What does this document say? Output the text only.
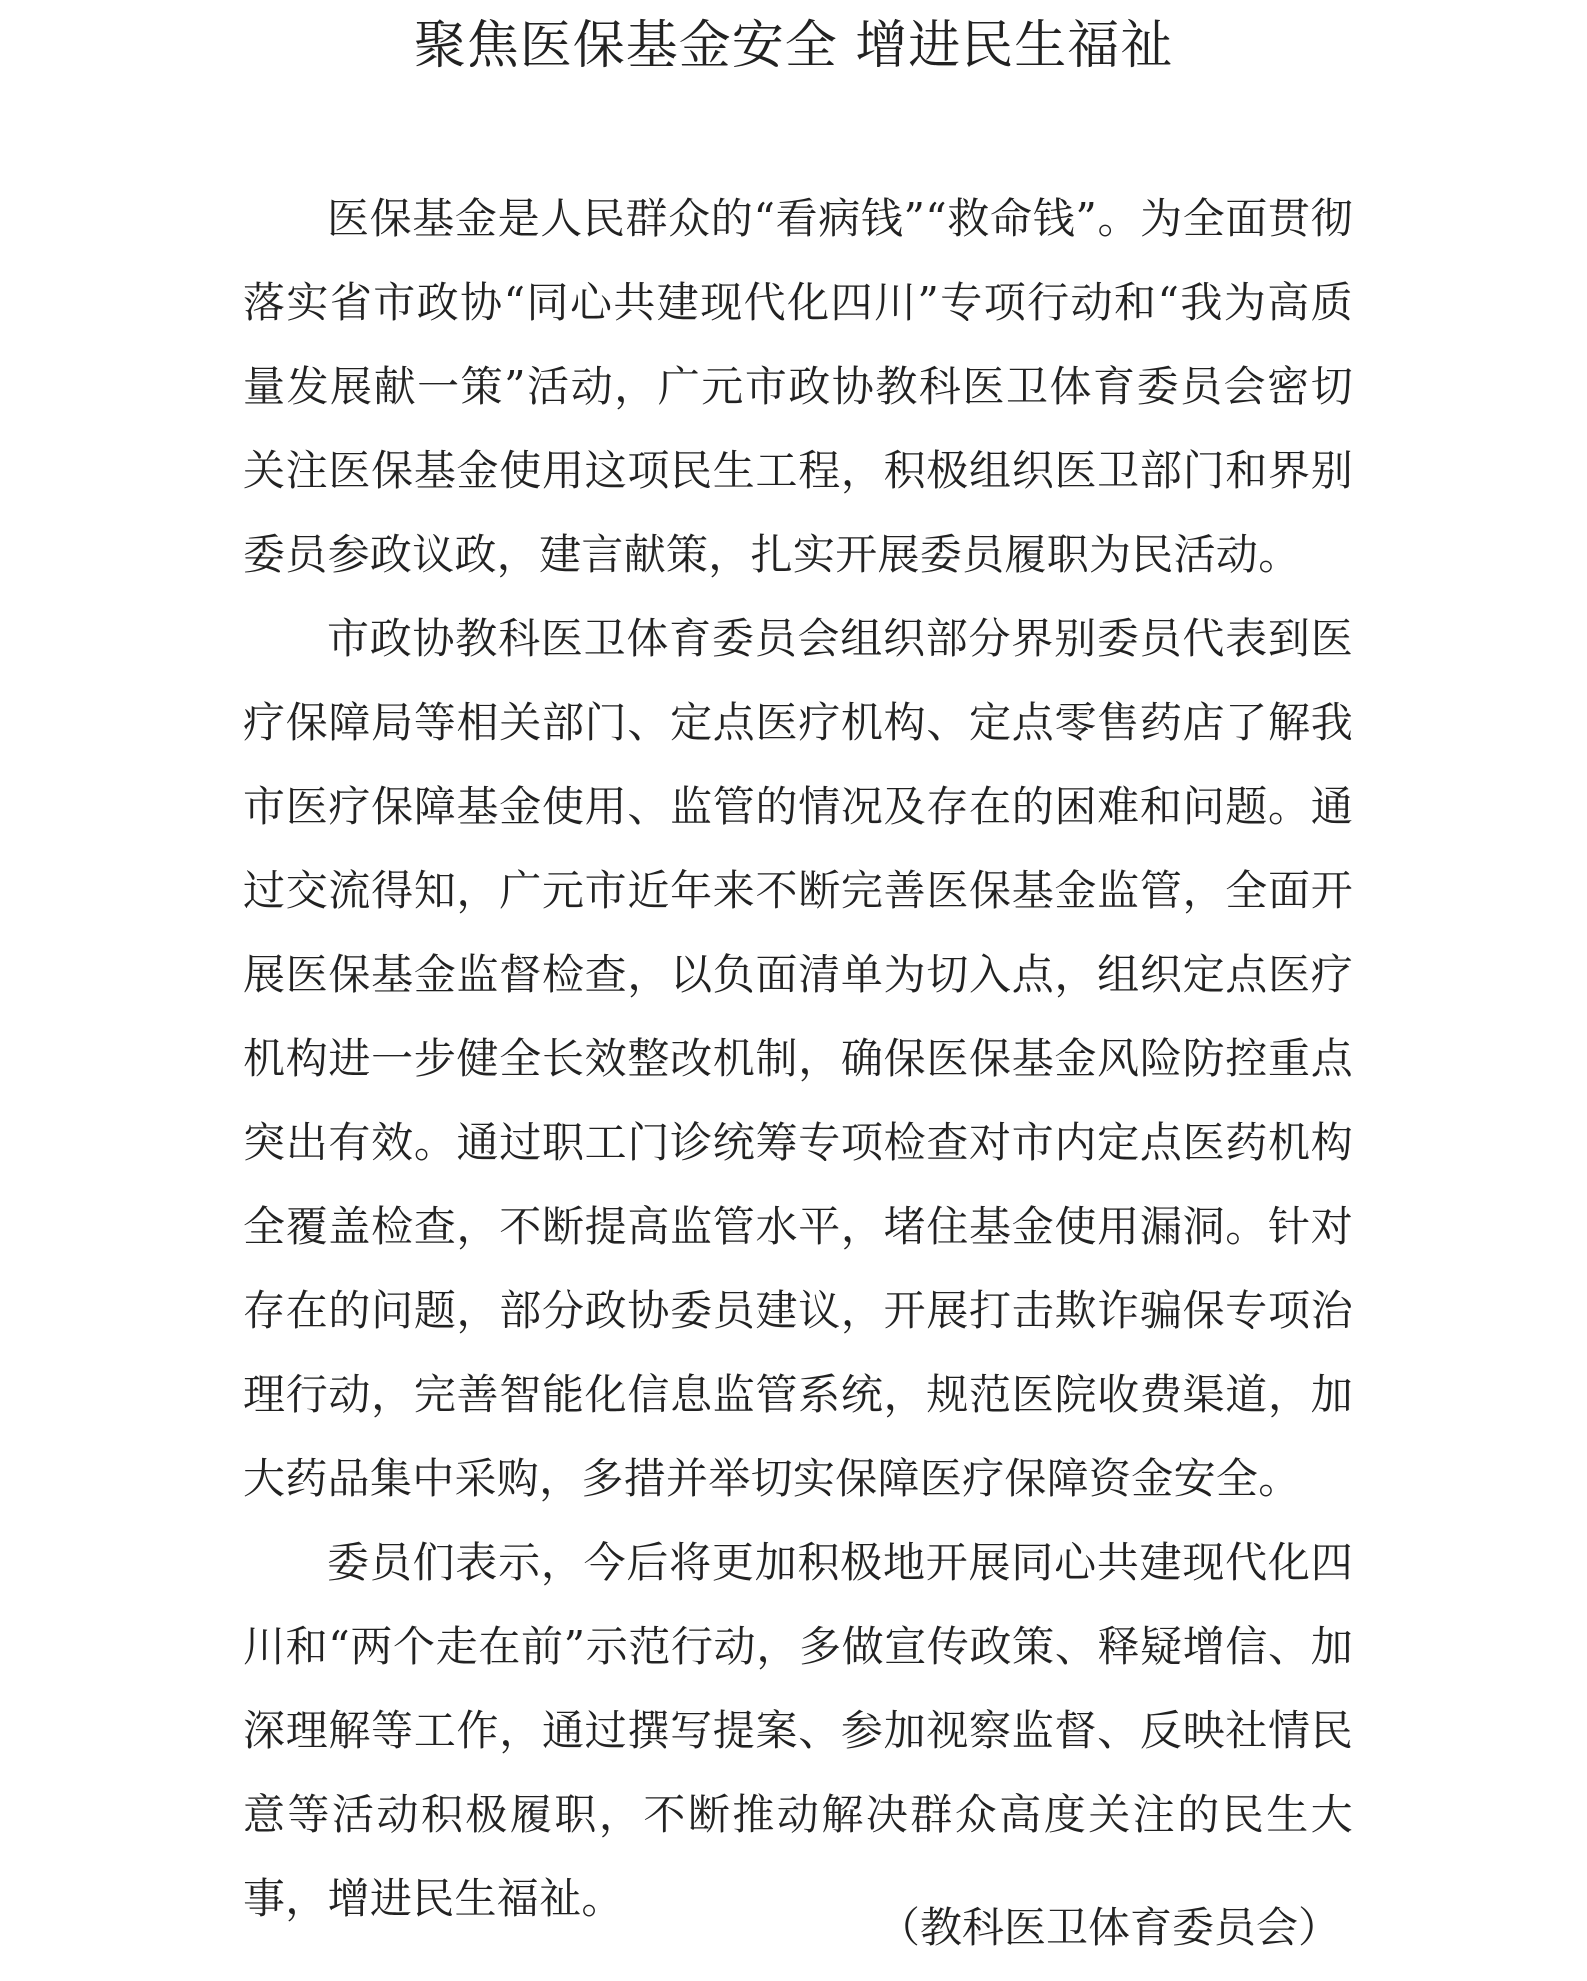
聚焦医保基金安全 增进民生福祉

医保基金是人民群众的“看病钱”“救命钱”。为全面贯彻落实省市政协“同心共建现代化四川”专项行动和“我为高质量发展献一策”活动，广元市政协教科医卫体育委员会密切关注医保基金使用这项民生工程，积极组织医卫部门和界别委员参政议政，建言献策，扎实开展委员履职为民活动。

市政协教科医卫体育委员会组织部分界别委员代表到医疗保障局等相关部门、定点医疗机构、定点零售药店了解我市医疗保障基金使用、监管的情况及存在的困难和问题。通过交流得知，广元市近年来不断完善医保基金监管，全面开展医保基金监督检查，以负面清单为切入点，组织定点医疗机构进一步健全长效整改机制，确保医保基金风险防控重点突出有效。通过职工门诊统筹专项检查对市内定点医药机构全覆盖检查，不断提高监管水平，堵住基金使用漏洞。针对存在的问题，部分政协委员建议，开展打击欺诈骗保专项治理行动，完善智能化信息监管系统，规范医院收费渠道，加大药品集中采购，多措并举切实保障医疗保障资金安全。

委员们表示，今后将更加积极地开展同心共建现代化四川和“两个走在前”示范行动，多做宣传政策、释疑增信、加深理解等工作，通过撰写提案、参加视察监督、反映社情民意等活动积极履职，不断推动解决群众高度关注的民生大事，增进民生福祉。

（教科医卫体育委员会）
